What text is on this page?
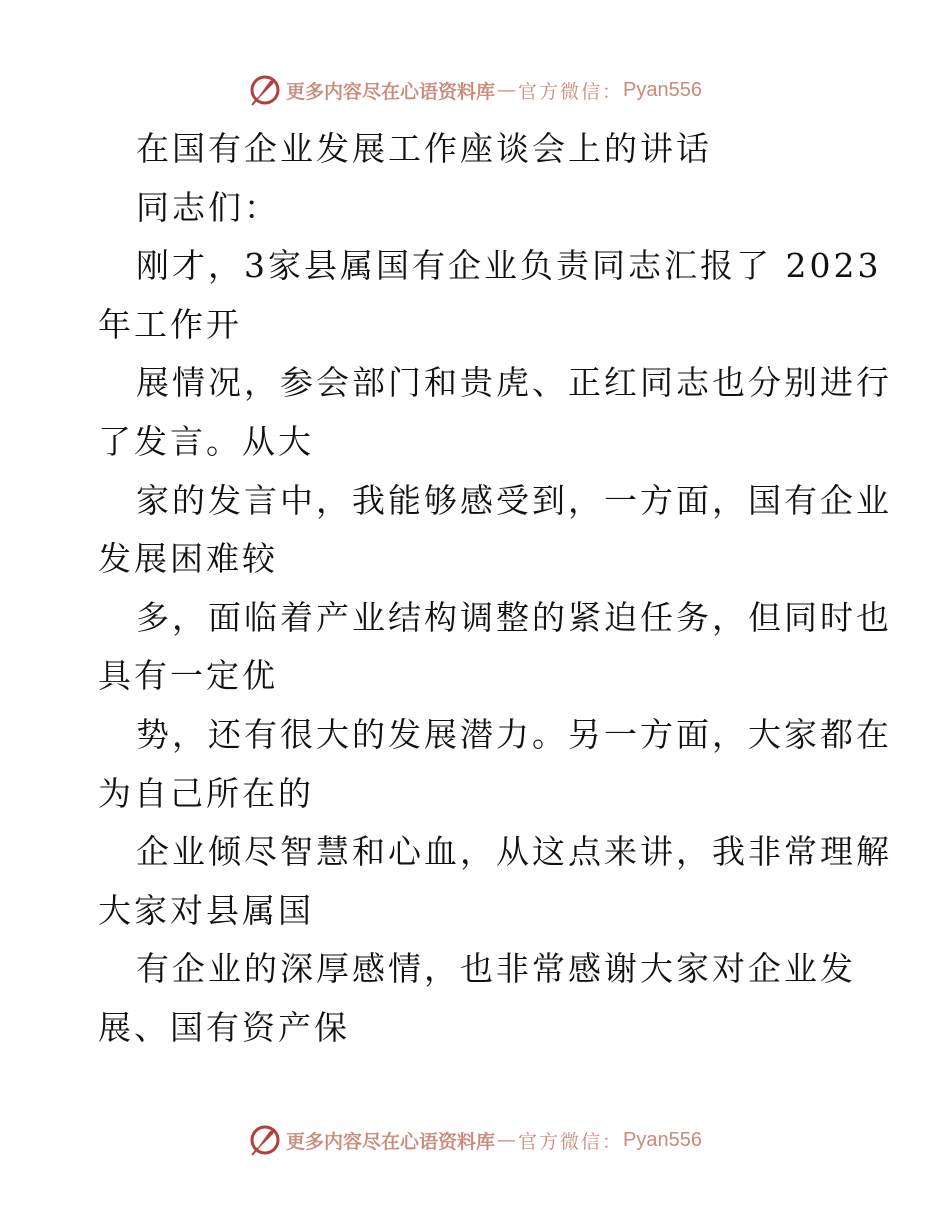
更多内容尽在心语资料库 — 官方微信： Pyan556
在国有企业发展工作座谈会上的讲话
同志们：
刚才，3家县属国有企业负责同志汇报了 2023
年工作开
展情况，参会部门和贵虎、正红同志也分别进行
了发言。从大
家的发言中，我能够感受到，一方面，国有企业
发展困难较
多，面临着产业结构调整的紧迫任务，但同时也
具有一定优
势，还有很大的发展潜力。另一方面，大家都在
为自己所在的
企业倾尽智慧和心血，从这点来讲，我非常理解
大家对县属国
有企业的深厚感情，也非常感谢大家对企业发
展、国有资产保
更多内容尽在心语资料库 — 官方微信： Pyan556
